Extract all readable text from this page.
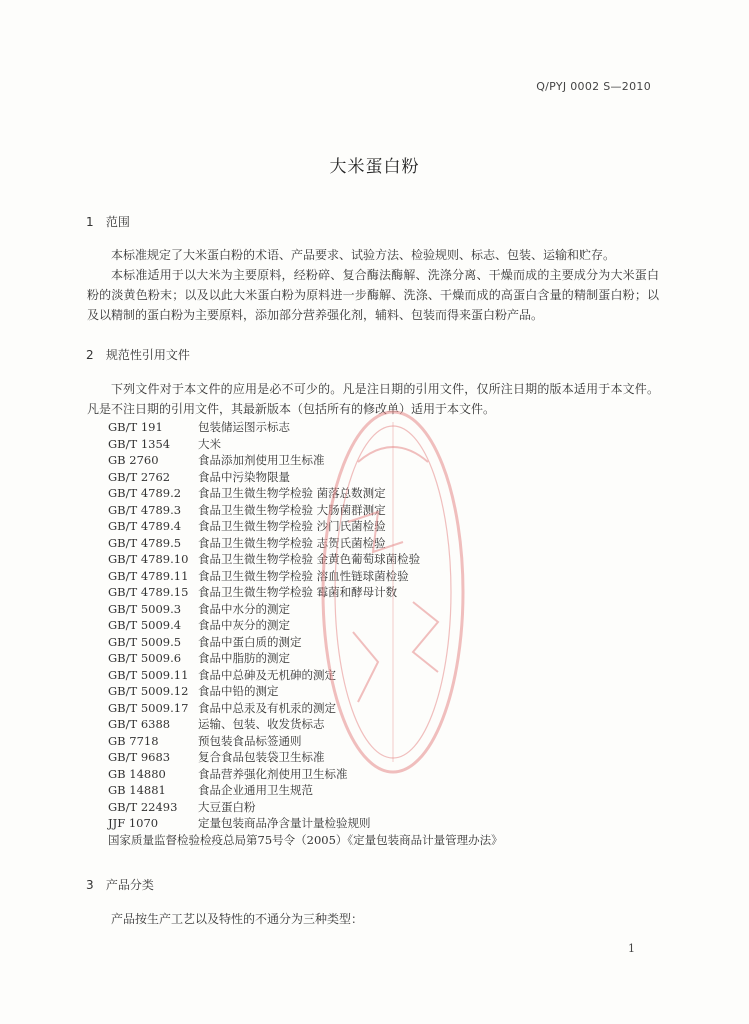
Q/PYJ 0002 S—2010
大米蛋白粉
1 范围

本标准规定了大米蛋白粉的术语、产品要求、试验方法、检验规则、标志、包装、运输和贮存。

本标准适用于以大米为主要原料，经粉碎、复合酶法酶解、洗涤分离、干燥而成的主要成分为大米蛋白粉的淡黄色粉末；以及以此大米蛋白粉为原料进一步酶解、洗涤、干燥而成的高蛋白含量的精制蛋白粉；以及以精制的蛋白粉为主要原料，添加部分营养强化剂，辅料、包装而得来蛋白粉产品。

2 规范性引用文件

下列文件对于本文件的应用是必不可少的。凡是注日期的引用文件，仅所注日期的版本适用于本文件。凡是不注日期的引用文件，其最新版本（包括所有的修改单）适用于本文件。

GB/T 191	包装储运图示标志
GB/T 1354 大米
GB 2760	食品添加剂使用卫生标准
GB/T 2762 食品中污染物限量
GB/T 4789.2 食品卫生微生物学检验 菌落总数测定
GB/T 4789.3 食品卫生微生物学检验 大肠菌群测定
GB/T 4789.4 食品卫生微生物学检验 沙门氏菌检验
GB/T 4789.5 食品卫生微生物学检验 志贺氏菌检验
GB/T 4789.10 食品卫生微生物学检验 金黄色葡萄球菌检验
GB/T 4789.11 食品卫生微生物学检验 溶血性链球菌检验
GB/T 4789.15 食品卫生微生物学检验 霉菌和酵母计数
GB/T 5009.3 食品中水分的测定
GB/T 5009.4 食品中灰分的测定
GB/T 5009.5 食品中蛋白质的测定
GB/T 5009.6 食品中脂肪的测定
GB/T 5009.11 食品中总砷及无机砷的测定
GB/T 5009.12 食品中铅的测定
GB/T 5009.17 食品中总汞及有机汞的测定
GB/T 6388 运输、包装、收发货标志
GB 7718	预包装食品标签通则
GB/T 9683 复合食品包装袋卫生标准
GB 14880	食品营养强化剂使用卫生标准
GB 14881	食品企业通用卫生规范
GB/T 22493 大豆蛋白粉
JJF 1070	定量包装商品净含量计量检验规则
国家质量监督检验检疫总局第75号令（2005）《定量包装商品计量管理办法》
3 产品分类

产品按生产工艺以及特性的不通分为三种类型：

1
